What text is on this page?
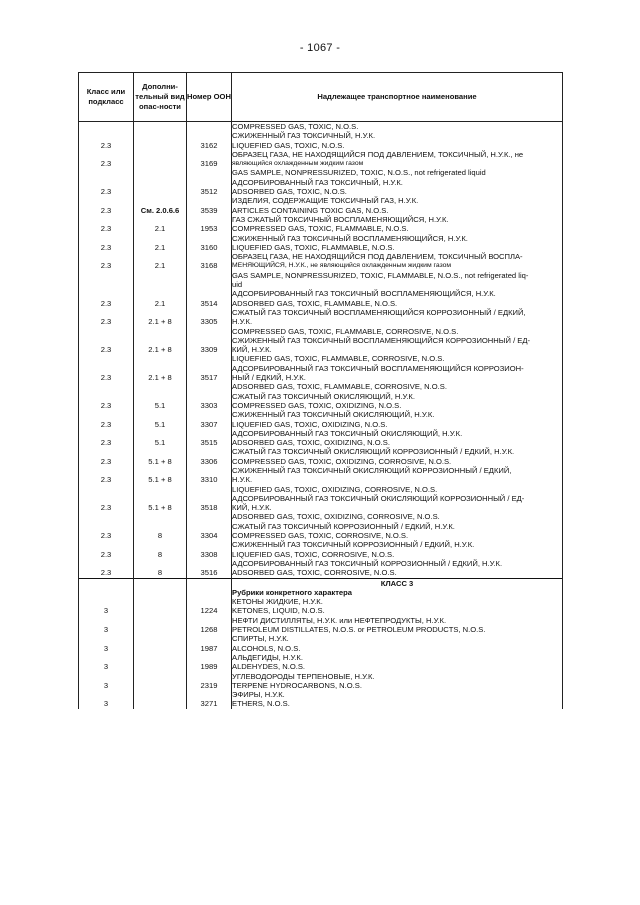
- 1067 -
Класс или подкласс	Дополни-тельный вид опас-ности	Номер ООН	Надлежащее транспортное наименование

			COMPRESSED GAS, TOXIC, N.O.S.

2.3		3162	СЖИЖЕННЫЙ ГАЗ ТОКСИЧНЫЙ, Н.У.К.
LIQUEFIED GAS, TOXIC, N.O.S.

2.3		3169	ОБРАЗЕЦ ГАЗА, НЕ НАХОДЯЩИЙСЯ ПОД ДАВЛЕНИЕМ, ТОКСИЧНЫЙ, Н.У.К., не
являющийся охлажденным жидким газом
GAS SAMPLE, NONPRESSURIZED, TOXIC, N.O.S., not refrigerated liquid

2.3		3512	АДСОРБИРОВАННЫЙ ГАЗ ТОКСИЧНЫЙ, Н.У.К.
ADSORBED GAS, TOXIC, N.O.S.

2.3	См. 2.0.6.6	3539	ИЗДЕЛИЯ, СОДЕРЖАЩИЕ ТОКСИЧНЫЙ ГАЗ, Н.У.К.
ARTICLES CONTAINING TOXIC GAS, N.O.S.

2.3	2.1	1953	ГАЗ СЖАТЫЙ ТОКСИЧНЫЙ ВОСПЛАМЕНЯЮЩИЙСЯ, Н.У.К.
COMPRESSED GAS, TOXIC, FLAMMABLE, N.O.S.

2.3	2.1	3160	СЖИЖЕННЫЙ ГАЗ ТОКСИЧНЫЙ ВОСПЛАМЕНЯЮЩИЙСЯ, Н.У.К.
LIQUEFIED GAS, TOXIC, FLAMMABLE, N.O.S.

2.3	2.1	3168	ОБРАЗЕЦ ГАЗА, НЕ НАХОДЯЩИЙСЯ ПОД ДАВЛЕНИЕМ, ТОКСИЧНЫЙ ВОСПЛА-
МЕНЯЮЩИЙСЯ, Н.У.К., не являющийся охлажденным жидким газом
GAS SAMPLE, NONPRESSURIZED, TOXIC, FLAMMABLE, N.O.S., not refrigerated liq-
uid

2.3	2.1	3514	АДСОРБИРОВАННЫЙ ГАЗ ТОКСИЧНЫЙ ВОСПЛАМЕНЯЮЩИЙСЯ, Н.У.К.
ADSORBED GAS, TOXIC, FLAMMABLE, N.O.S.

2.3	2.1 + 8	3305	СЖАТЫЙ ГАЗ ТОКСИЧНЫЙ ВОСПЛАМЕНЯЮЩИЙСЯ КОРРОЗИОННЫЙ / ЕДКИЙ,
Н.У.К.
COMPRESSED GAS, TOXIC, FLAMMABLE, CORROSIVE, N.O.S.

2.3	2.1 + 8	3309	СЖИЖЕННЫЙ ГАЗ ТОКСИЧНЫЙ ВОСПЛАМЕНЯЮЩИЙСЯ КОРРОЗИОННЫЙ / ЕД-
КИЙ, Н.У.К.
LIQUEFIED GAS, TOXIC, FLAMMABLE, CORROSIVE, N.O.S.

2.3	2.1 + 8	3517	АДСОРБИРОВАННЫЙ ГАЗ ТОКСИЧНЫЙ ВОСПЛАМЕНЯЮЩИЙСЯ КОРРОЗИОН-
НЫЙ / ЕДКИЙ, Н.У.К.
ADSORBED GAS, TOXIC, FLAMMABLE, CORROSIVE, N.O.S.

2.3	5.1	3303	СЖАТЫЙ ГАЗ ТОКСИЧНЫЙ ОКИСЛЯЮЩИЙ, Н.У.К.
COMPRESSED GAS, TOXIC, OXIDIZING, N.O.S.

2.3	5.1	3307	СЖИЖЕННЫЙ ГАЗ ТОКСИЧНЫЙ ОКИСЛЯЮЩИЙ, Н.У.К.
LIQUEFIED GAS, TOXIC, OXIDIZING, N.O.S.

2.3	5.1	3515	АДСОРБИРОВАННЫЙ ГАЗ ТОКСИЧНЫЙ ОКИСЛЯЮЩИЙ, Н.У.К.
ADSORBED GAS, TOXIC, OXIDIZING, N.O.S.

2.3	5.1 + 8	3306	СЖАТЫЙ ГАЗ ТОКСИЧНЫЙ ОКИСЛЯЮЩИЙ КОРРОЗИОННЫЙ / ЕДКИЙ, Н.У.К.
COMPRESSED GAS, TOXIC, OXIDIZING, CORROSIVE, N.O.S.

2.3	5.1 + 8	3310	СЖИЖЕННЫЙ ГАЗ ТОКСИЧНЫЙ ОКИСЛЯЮЩИЙ КОРРОЗИОННЫЙ / ЕДКИЙ,
Н.У.К.
LIQUEFIED GAS, TOXIC, OXIDIZING, CORROSIVE, N.O.S.

2.3	5.1 + 8	3518	АДСОРБИРОВАННЫЙ ГАЗ ТОКСИЧНЫЙ ОКИСЛЯЮЩИЙ КОРРОЗИОННЫЙ / ЕД-
КИЙ, Н.У.К.
ADSORBED GAS, TOXIC, OXIDIZING, CORROSIVE, N.O.S.

2.3	8	3304	СЖАТЫЙ ГАЗ ТОКСИЧНЫЙ КОРРОЗИОННЫЙ / ЕДКИЙ, Н.У.К.
COMPRESSED GAS, TOXIC, CORROSIVE, N.O.S.

2.3	8	3308	СЖИЖЕННЫЙ ГАЗ ТОКСИЧНЫЙ КОРРОЗИОННЫЙ / ЕДКИЙ, Н.У.К.
LIQUEFIED GAS, TOXIC, CORROSIVE, N.O.S.

2.3	8	3516	АДСОРБИРОВАННЫЙ ГАЗ ТОКСИЧНЫЙ КОРРОЗИОННЫЙ / ЕДКИЙ, Н.У.К.
ADSORBED GAS, TOXIC, CORROSIVE, N.O.S.

			КЛАСС 3
Рубрики конкретного характера

3		1224	КЕТОНЫ ЖИДКИЕ, Н.У.К.
KETONES, LIQUID, N.O.S.

3		1268	НЕФТИ ДИСТИЛЛЯТЫ, Н.У.К. или НЕФТЕПРОДУКТЫ, Н.У.К.
PETROLEUM DISTILLATES, N.O.S. or PETROLEUM PRODUCTS, N.O.S.

3		1987	СПИРТЫ, Н.У.К.
ALCOHOLS, N.O.S.

3		1989	АЛЬДЕГИДЫ, Н.У.К.
ALDEHYDES, N.O.S.

3		2319	УГЛЕВОДОРОДЫ ТЕРПЕНОВЫЕ, Н.У.К.
TERPENE HYDROCARBONS, N.O.S.

3		3271	ЭФИРЫ, Н.У.К.
ETHERS, N.O.S.
